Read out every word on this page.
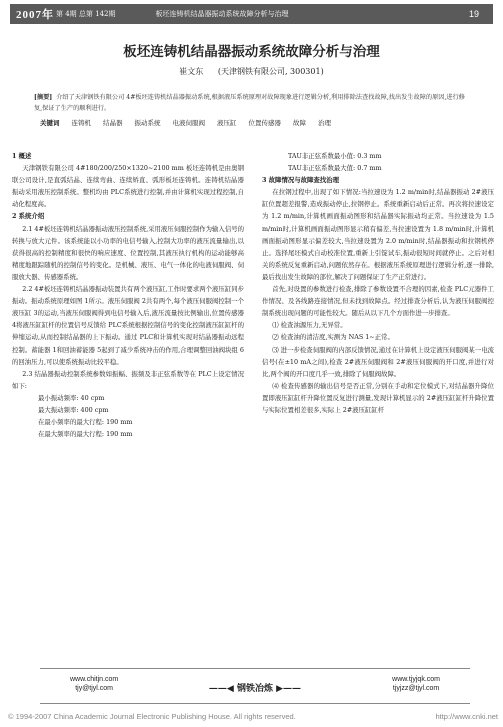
2007年 第 4期 总第 142期	板坯连铸机结晶器振动系统故障分析与治理	19
板坯连铸机结晶器振动系统故障分析与治理
崔文东 (天津钢铁有限公司, 300301)
[摘要] 介绍了天津钢铁有限公司 4#板坯连铸机结晶器振动系统,根据液压系统原理对故障现象进行逻辑分析,利用排除法查找故障,找出发生故障的原因,进行修复,保证了生产的顺利进行。
关键词 连铸机 结晶器 振动系统 电液伺服阀 液压缸 位置传感器 故障 治理

1 概述

天津钢铁有限公司 4#180/200/250×1320~2100 mm 板坯连铸机是由奥钢联公司设计,是直弧结晶、连续弯曲、连续矫直、弧形板坯连铸机。连铸机结晶器振动采用液压控制系统。整机均由 PLC系统进行控制,并由计算机实现过程控制,自动化程度高。

2 系统介绍

2.1 4#板坯连铸机结晶器振动液压控制系统,采用液压伺服控制作为输入信号的转换与放大元件。该系统能以小功率的电信号输入,控制大功率的液压流量输出,以获得很高的控制精度和很快的响应速度、位置控制,其液压执行机构的运动能够高精度地跟踪随机的控制信号的变化。是机械、液压、电气一体化的电液伺服阀、伺服放大器、传感器系统。

2.2 4#板坯连铸机结晶器振动装置共有两个液压缸,工作时要求两个液压缸同步振动。振动系统原理如图 1所示。液压伺服阀 2共有两个,每个液压伺服阀控制一个液压缸 3的运动,当液压伺服阀得到电信号输入后,液压流量按比例输出,位置传感器 4将液压缸缸杆的位置信号反馈给 PLC系统根据控制信号的变化控制液压缸缸杆的伸缩运动,从而控制结晶器的上下振动。通过 PLC和计算机实现对结晶器振动远程控制。蓄能器 1和回油蓄能器 5起到了减少系统冲击的作用,合理调整回油阀块组 6的回油压力,可以使系统振动比较平稳。

2.3 结晶器振动控制系统参数如振幅、振频及非正弦系数等在 PLC上设定情况如下:

最小振动频率: 40 cpm

最大振动频率: 400 cpm

在最小频率的最大行程: 190 mm

在最大频率的最大行程: 190 mm

TAU非正弦系数最小值: 0.3 mm

TAU非正弦系数最大值: 0.7 mm

3 故障情况与故障查找治理

在拉钢过程中,出现了如下情况:当拉速设为 1.2 m/min时,结晶器振动 2#液压缸位置超差报警,造成振动停止,拉钢停止。系统重新启动后正常。再次将拉速设定为 1.2 m/min,计算机画面振动图形和结晶器实际振动均正常。当拉速设为 1.5 m/min时,计算机画面振动图形显示稍有偏差,当拉速设置为 1.8 m/min时,计算机画面振动图形显示偏差较大,当拉速设置为 2.0 m/min时,结晶器振动和拉钢机停止。选择尾坯模式自动校准位置,重新上引锭试车,振动很短时间就停止。之后对相关的系统反复重新启动,问题依然存在。根据液压系统原理进行逻辑分析,逐一排除,最后找出发生故障的部位,解决了问题保证了生产正常进行。

首先,对设置的参数进行检查,排除了参数设置不合理的因素,检查 PLC元器件工作情况、及各线路连接情况,但未找到故障点。经过排查分析后,认为液压伺服阀控制系统出现问题的可能性较大。随后从以下几个方面作进一步排查。

⑴ 检查油源压力,无异常。

⑵ 检查油的清洁度,实测为 NAS 1~正常。

⑶ 进一步检查伺服阀的内部反馈情况,通过在计算机上设定液压伺服阀某一电流信号(在±10 mA之间),检查 2#液压伺服阀和 2#液压伺服阀的开口度,并进行对比,两个阀的开口度几乎一致,排除了伺服阀故障。

⑷ 检查传感器的输出信号是否正常,分别在手动和定位模式下,对结晶器升降位置即液压缸缸杆升降位置反复进行测量,发现计算机显示的 2#液压缸缸杆升降位置与实际位置相差很多,实际上 2#液压缸缸杆

www.chitjn.com
tjy@tjyl.com	——◀ 钢铁冶炼 ▶——
www.tjyjqk.com
tjyjzz@tjyl.com
© 1994-2007 China Academic Journal Electronic Publishing House. All rights reserved.	http://www.cnki.net
